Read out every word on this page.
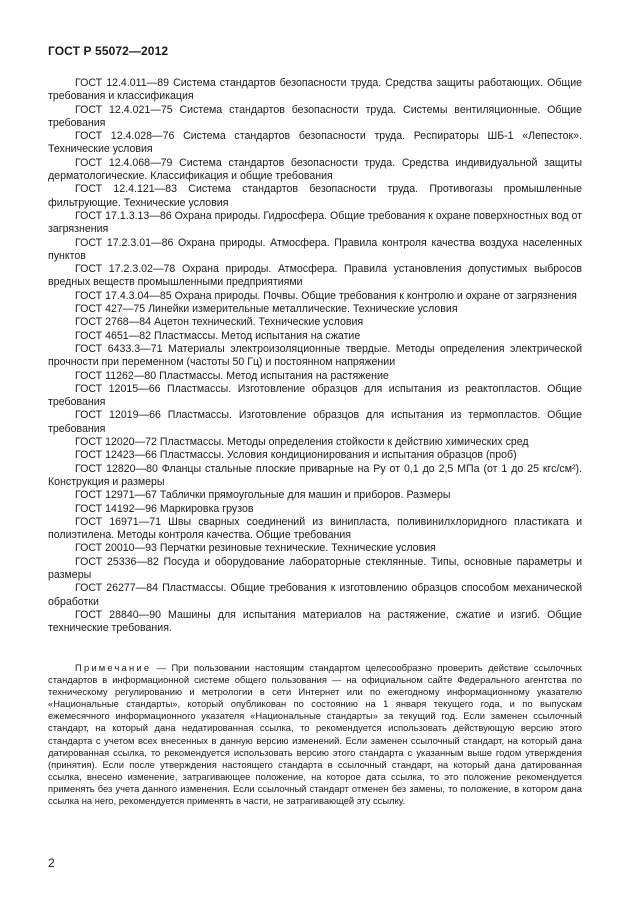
ГОСТ Р 55072—2012

ГОСТ 12.4.011—89 Система стандартов безопасности труда. Средства защиты работающих. Общие требования и классификация

ГОСТ 12.4.021—75 Система стандартов безопасности труда. Системы вентиляционные. Общие требования

ГОСТ 12.4.028—76 Система стандартов безопасности труда. Респираторы ШБ-1 «Лепесток». Технические условия

ГОСТ 12.4.068—79 Система стандартов безопасности труда. Средства индивидуальной защиты дерматологические. Классификация и общие требования

ГОСТ 12.4.121—83 Система стандартов безопасности труда. Противогазы промышленные фильтрующие. Технические условия

ГОСТ 17.1.3.13—86 Охрана природы. Гидросфера. Общие требования к охране поверхностных вод от загрязнения

ГОСТ 17.2.3.01—86 Охрана природы. Атмосфера. Правила контроля качества воздуха населенных пунктов

ГОСТ 17.2.3.02—78 Охрана природы. Атмосфера. Правила установления допустимых выбросов вредных веществ промышленными предприятиями

ГОСТ 17.4.3.04—85 Охрана природы. Почвы. Общие требования к контролю и охране от загрязнения

ГОСТ 427—75 Линейки измерительные металлические. Технические условия

ГОСТ 2768—84 Ацетон технический. Технические условия

ГОСТ 4651—82 Пластмассы. Метод испытания на сжатие

ГОСТ 6433.3—71 Материалы электроизоляционные твердые. Методы определения электрической прочности при переменном (частоты 50 Гц) и постоянном напряжении

ГОСТ 11262—80 Пластмассы. Метод испытания на растяжение

ГОСТ 12015—66 Пластмассы. Изготовление образцов для испытания из реактопластов. Общие требования

ГОСТ 12019—66 Пластмассы. Изготовление образцов для испытания из термопластов. Общие требования

ГОСТ 12020—72 Пластмассы. Методы определения стойкости к действию химических сред

ГОСТ 12423—66 Пластмассы. Условия кондиционирования и испытания образцов (проб)

ГОСТ 12820—80 Фланцы стальные плоские приварные на Ру от 0,1 до 2,5 МПа (от 1 до 25 кгс/см²). Конструкция и размеры

ГОСТ 12971—67 Таблички прямоугольные для машин и приборов. Размеры

ГОСТ 14192—96 Маркировка грузов

ГОСТ 16971—71 Швы сварных соединений из винипласта, поливинилхлоридного пластиката и полиэтилена. Методы контроля качества. Общие требования

ГОСТ 20010—93 Перчатки резиновые технические. Технические условия

ГОСТ 25336—82 Посуда и оборудование лабораторные стеклянные. Типы, основные параметры и размеры

ГОСТ 26277—84 Пластмассы. Общие требования к изготовлению образцов способом механической обработки

ГОСТ 28840—90 Машины для испытания материалов на растяжение, сжатие и изгиб. Общие технические требования.

Примечание — При пользовании настоящим стандартом целесообразно проверить действие ссылочных стандартов в информационной системе общего пользования — на официальном сайте Федерального агентства по техническому регулированию и метрологии в сети Интернет или по ежегодному информационному указателю «Национальные стандарты», который опубликован по состоянию на 1 января текущего года, и по выпускам ежемесячного информационного указателя «Национальные стандарты» за текущий год. Если заменен ссылочный стандарт, на который дана недатированная ссылка, то рекомендуется использовать действующую версию этого стандарта с учетом всех внесенных в данную версию изменений. Если заменен ссылочный стандарт, на который дана датированная ссылка, то рекомендуется использовать версию этого стандарта с указанным выше годом утверждения (принятия). Если после утверждения настоящего стандарта в ссылочный стандарт, на который дана датированная ссылка, внесено изменение, затрагивающее положение, на которое дата ссылка, то это положение рекомендуется применять без учета данного изменения. Если ссылочный стандарт отменен без замены, то положение, в котором дана ссылка на него, рекомендуется применять в части, не затрагивающей эту ссылку.

2
